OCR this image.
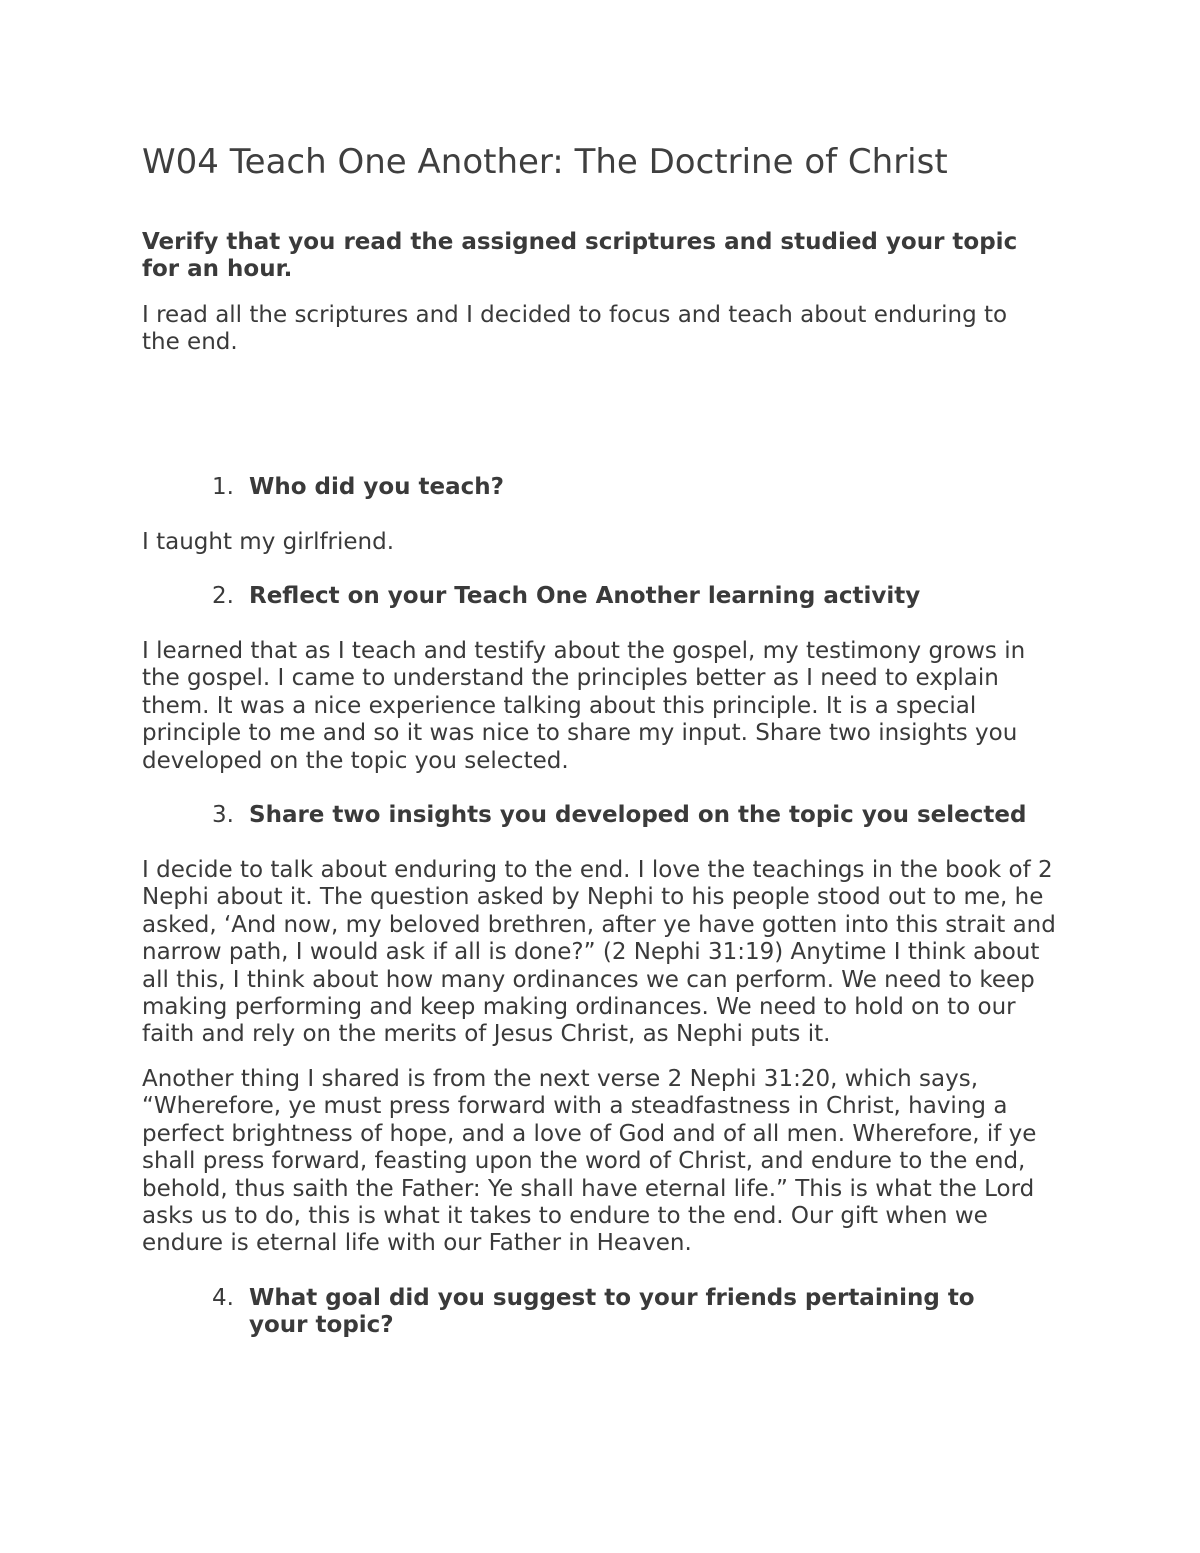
W04 Teach One Another: The Doctrine of Christ

Verify that you read the assigned scriptures and studied your topic for an hour.

I read all the scriptures and I decided to focus and teach about enduring to the end.

1. Who did you teach?

I taught my girlfriend.

2. Reflect on your Teach One Another learning activity

I learned that as I teach and testify about the gospel, my testimony grows in the gospel. I came to understand the principles better as I need to explain them. It was a nice experience talking about this principle. It is a special principle to me and so it was nice to share my input. Share two insights you developed on the topic you selected.

3. Share two insights you developed on the topic you selected

I decide to talk about enduring to the end. I love the teachings in the book of 2 Nephi about it. The question asked by Nephi to his people stood out to me, he asked, ‘And now, my beloved brethren, after ye have gotten into this strait and narrow path, I would ask if all is done?” (2 Nephi 31:19) Anytime I think about all this, I think about how many ordinances we can perform. We need to keep making performing and keep making ordinances. We need to hold on to our faith and rely on the merits of Jesus Christ, as Nephi puts it.

Another thing I shared is from the next verse 2 Nephi 31:20, which says, “Wherefore, ye must press forward with a steadfastness in Christ, having a perfect brightness of hope, and a love of God and of all men. Wherefore, if ye shall press forward, feasting upon the word of Christ, and endure to the end, behold, thus saith the Father: Ye shall have eternal life.” This is what the Lord asks us to do, this is what it takes to endure to the end. Our gift when we endure is eternal life with our Father in Heaven.

4. What goal did you suggest to your friends pertaining to your topic?
